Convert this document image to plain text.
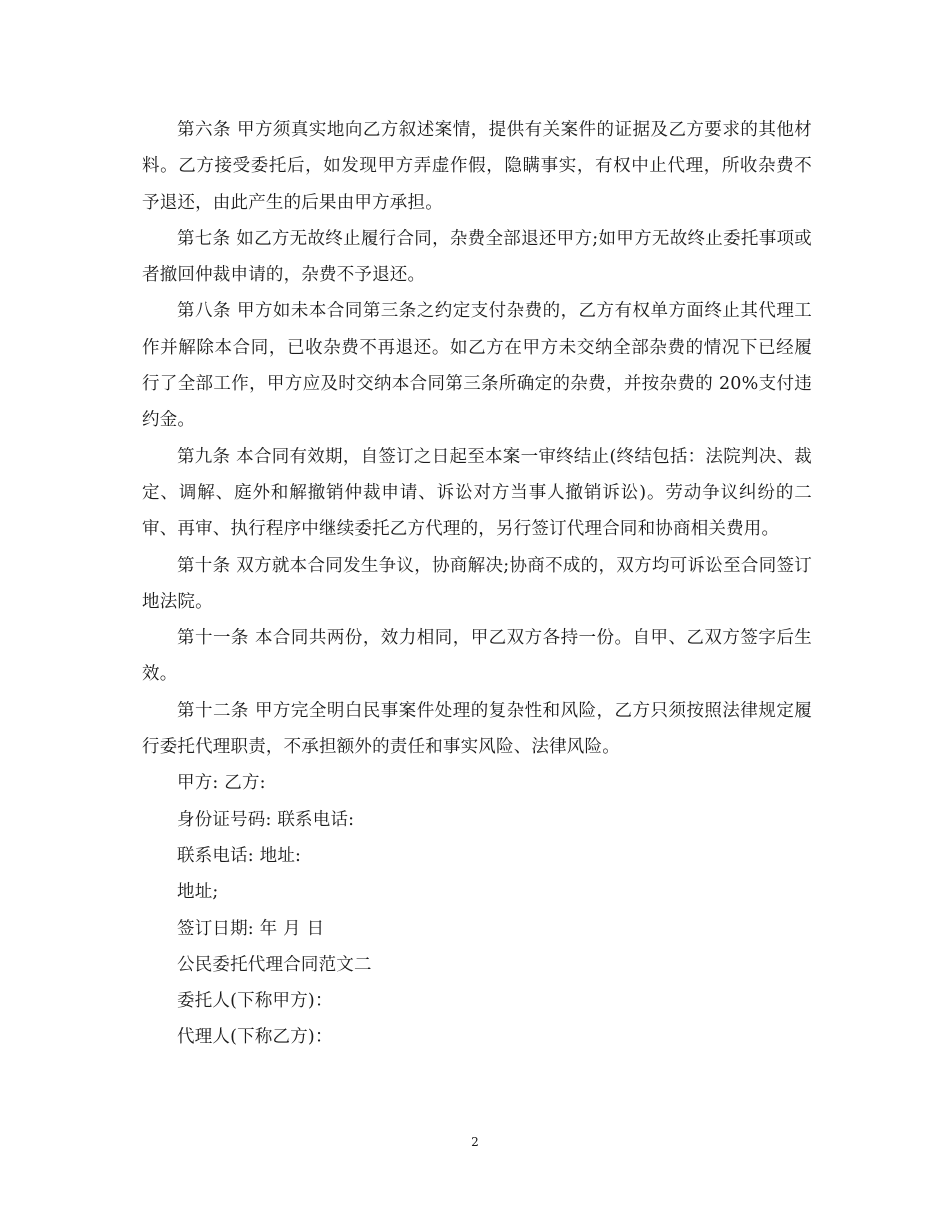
第六条 甲方须真实地向乙方叙述案情，提供有关案件的证据及乙方要求的其他材料。乙方接受委托后，如发现甲方弄虚作假，隐瞒事实，有权中止代理，所收杂费不予退还，由此产生的后果由甲方承担。

第七条 如乙方无故终止履行合同，杂费全部退还甲方;如甲方无故终止委托事项或者撤回仲裁申请的，杂费不予退还。

第八条 甲方如未本合同第三条之约定支付杂费的，乙方有权单方面终止其代理工作并解除本合同，已收杂费不再退还。如乙方在甲方未交纳全部杂费的情况下已经履行了全部工作，甲方应及时交纳本合同第三条所确定的杂费，并按杂费的 20%支付违约金。

第九条 本合同有效期，自签订之日起至本案一审终结止(终结包括：法院判决、裁定、调解、庭外和解撤销仲裁申请、诉讼对方当事人撤销诉讼)。劳动争议纠纷的二审、再审、执行程序中继续委托乙方代理的，另行签订代理合同和协商相关费用。

第十条 双方就本合同发生争议，协商解决;协商不成的，双方均可诉讼至合同签订地法院。

第十一条 本合同共两份，效力相同，甲乙双方各持一份。自甲、乙双方签字后生效。

第十二条 甲方完全明白民事案件处理的复杂性和风险，乙方只须按照法律规定履行委托代理职责，不承担额外的责任和事实风险、法律风险。

甲方: 乙方:

身份证号码: 联系电话:

联系电话: 地址:

地址;

签订日期: 年 月 日

公民委托代理合同范文二

委托人(下称甲方)：

代理人(下称乙方)：

2
